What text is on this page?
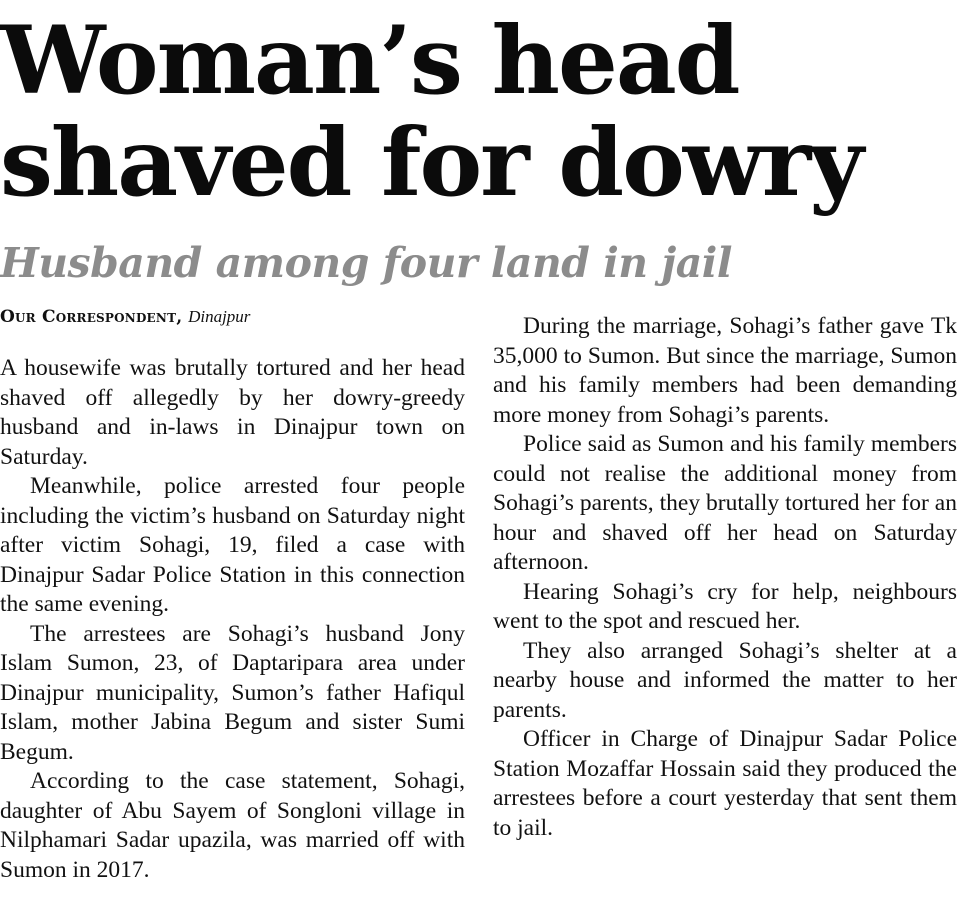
Woman’s head shaved for dowry
Husband among four land in jail
Our Correspondent, Dinajpur

A housewife was brutally tortured and her head shaved off allegedly by her dowry-greedy husband and in-laws in Dinajpur town on Saturday.

Meanwhile, police arrested four people including the victim’s husband on Saturday night after victim Sohagi, 19, filed a case with Dinajpur Sadar Police Station in this connection the same evening.

The arrestees are Sohagi’s husband Jony Islam Sumon, 23, of Daptaripara area under Dinajpur municipality, Sumon’s father Hafiqul Islam, mother Jabina Begum and sister Sumi Begum.

According to the case statement, Sohagi, daughter of Abu Sayem of Songloni village in Nilphamari Sadar upazila, was married off with Sumon in 2017.

During the marriage, Sohagi’s father gave Tk 35,000 to Sumon. But since the marriage, Sumon and his family members had been demanding more money from Sohagi’s parents.

Police said as Sumon and his family members could not realise the additional money from Sohagi’s parents, they brutally tortured her for an hour and shaved off her head on Saturday afternoon.

Hearing Sohagi’s cry for help, neighbours went to the spot and rescued her.

They also arranged Sohagi’s shelter at a nearby house and informed the matter to her parents.

Officer in Charge of Dinajpur Sadar Police Station Mozaffar Hossain said they produced the arrestees before a court yesterday that sent them to jail.
